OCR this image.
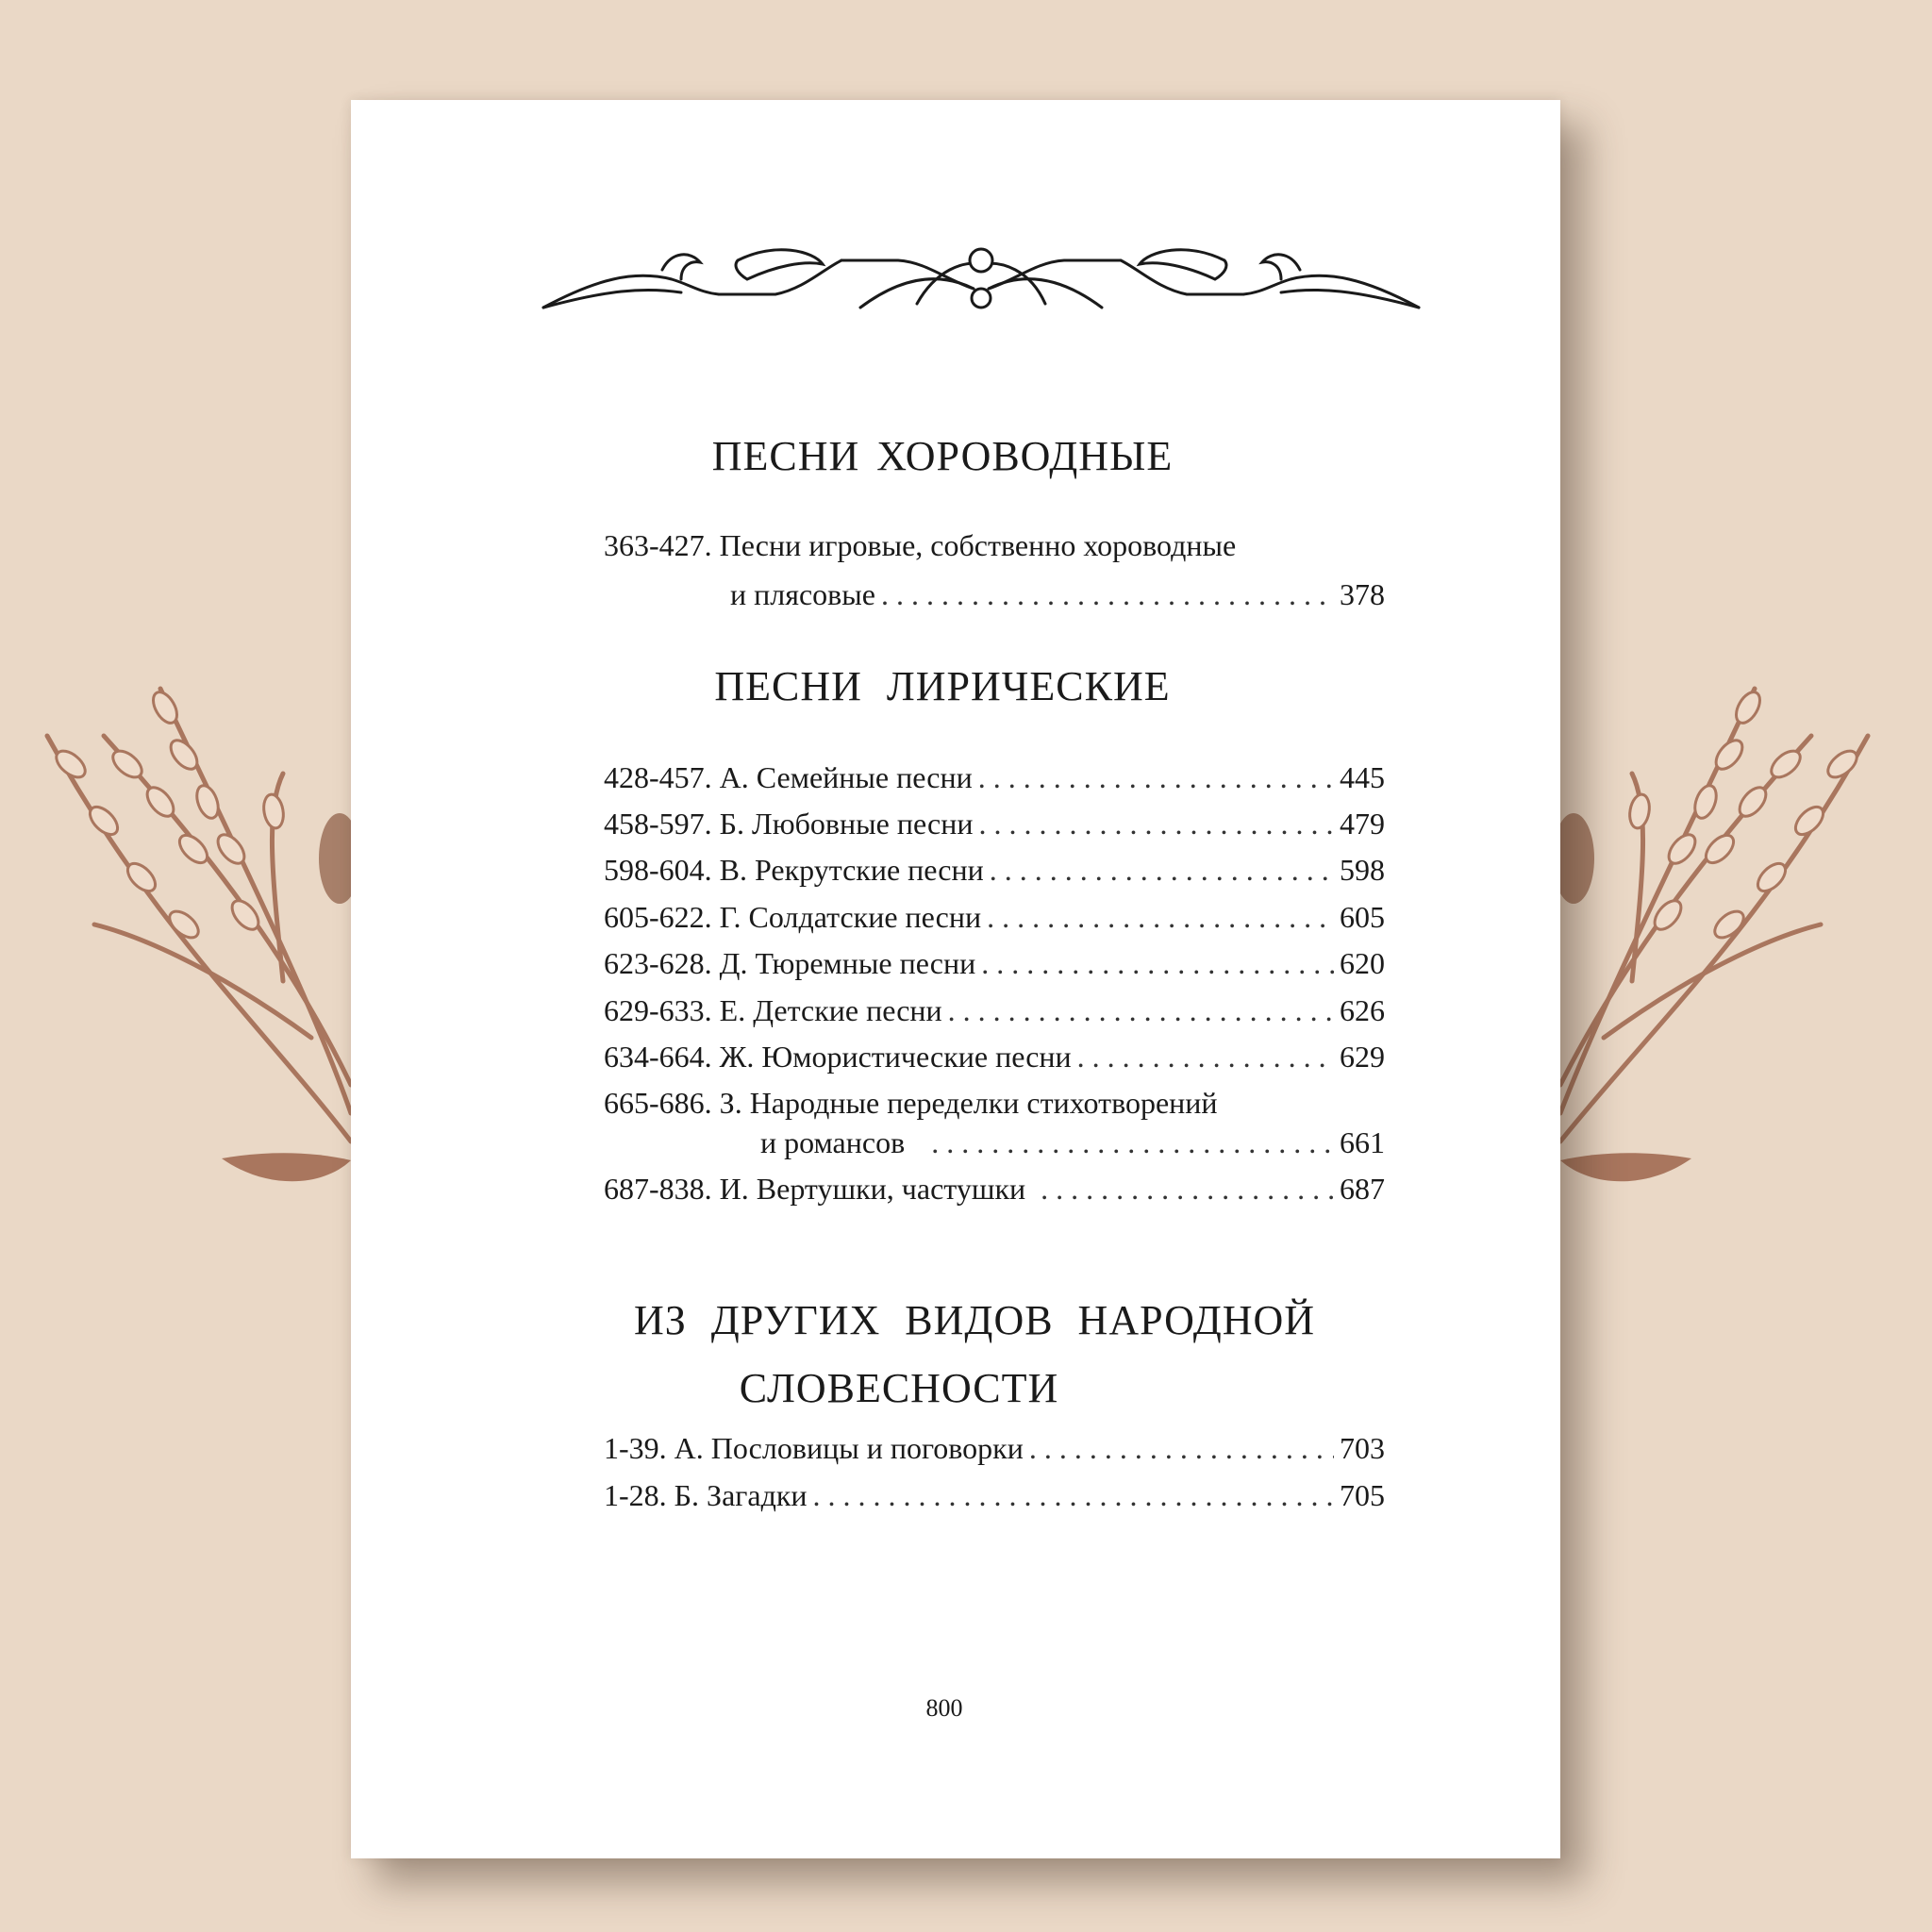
ПЕСНИ ХОРОВОДНЫЕ
363-427. Песни игровые, собственно хороводные
и плясовые . . .	378
ПЕСНИ ЛИРИЧЕСКИЕ
428-457. А. Семейные песни . . .	445
458-597. Б. Любовные песни . . .	479
598-604. В. Рекрутские песни . . .	598
605-622. Г. Солдатские песни . . .	605
623-628. Д. Тюремные песни . . .	620
629-633. Е. Детские песни . . .	626
634-664. Ж. Юмористические песни . . .	629
665-686. З. Народные переделки стихотворений
и романсов . . .	661
687-838. И. Вертушки, частушки . . .	687
ИЗ ДРУГИХ ВИДОВ НАРОДНОЙ
СЛОВЕСНОСТИ
1-39. А. Пословицы и поговорки . . .	703
1-28. Б. Загадки . . .	705
800
